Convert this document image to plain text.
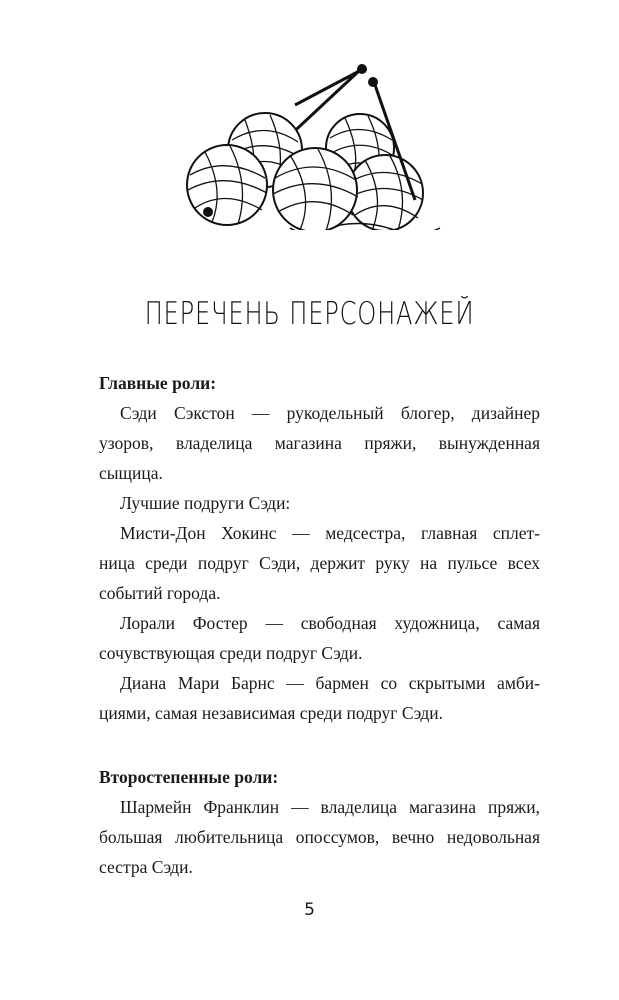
ПЕРЕЧЕНЬ ПЕРСОНАЖЕЙ
Главные роли:
Сэди Сэкстон — рукодельный блогер, дизайнер
узоров, владелица магазина пряжи, вынужденная
сыщица.
Лучшие подруги Сэди:
Мисти-Дон Хокинс — медсестра, главная сплет-
ница среди подруг Сэди, держит руку на пульсе всех
событий города.
Лорали Фостер — свободная художница, самая
сочувствующая среди подруг Сэди.
Диана Мари Барнс — бармен со скрытыми амби-
циями, самая независимая среди подруг Сэди.
Второстепенные роли:
Шармейн Франклин — владелица магазина пряжи,
большая любительница опоссумов, вечно недовольная
сестра Сэди.
5
